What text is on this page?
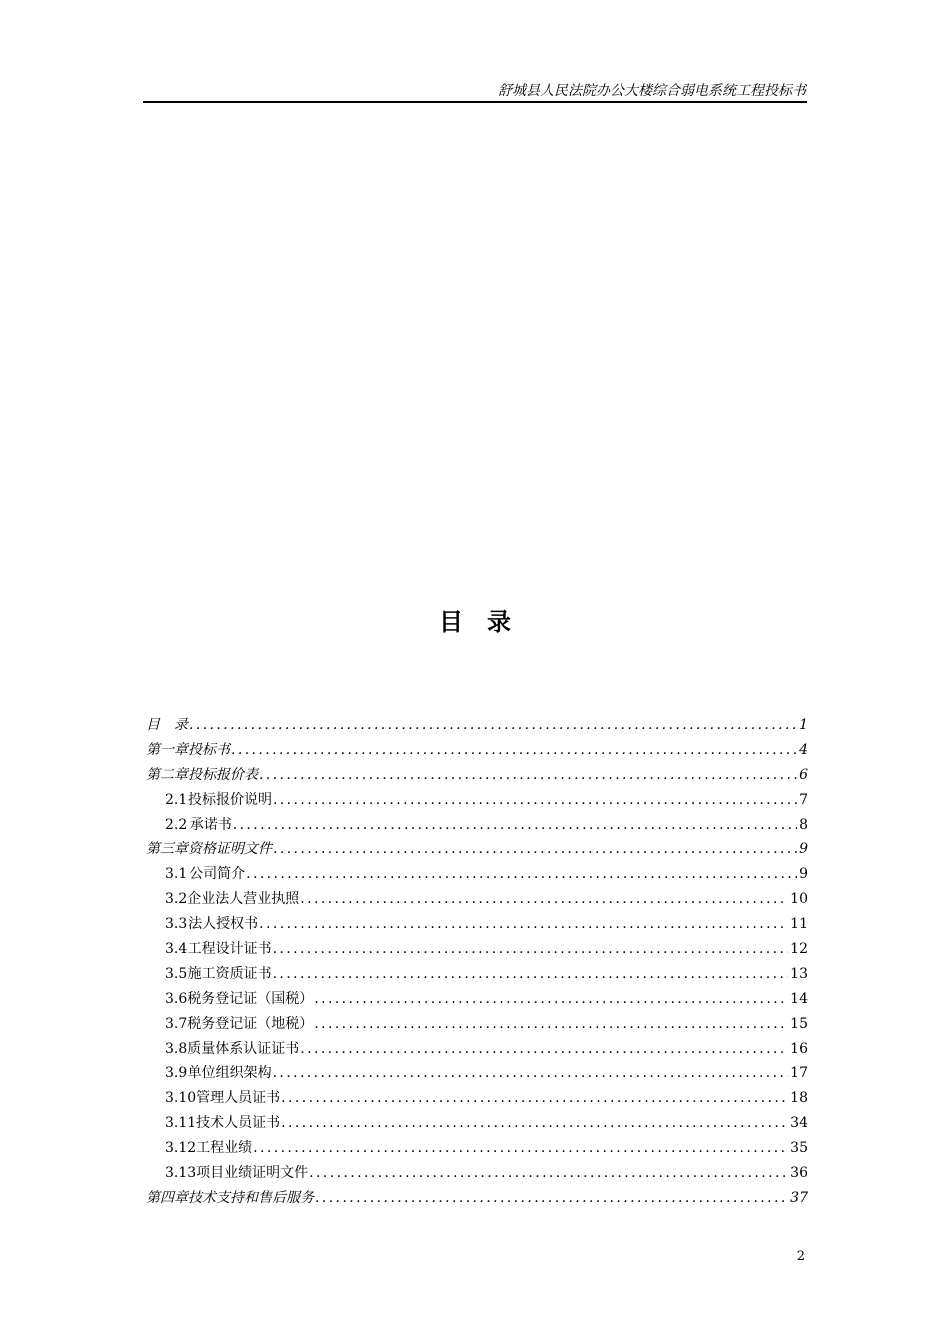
舒城县人民法院办公大楼综合弱电系统工程投标书
目录
目　录 .....	1
第一章 投标书 .....	4
第二章 投标报价表 .....	6
2.1 投标报价说明 .....	7
2.2 承诺书 .....	8
第三章 资格证明文件 .....	9
3.1 公司简介 .....	9
3.2 企业法人营业执照 .....	10
3.3 法人授权书 .....	11
3.4 工程设计证书 .....	12
3.5 施工资质证书 .....	13
3.6 税务登记证（国税） .....	14
3.7 税务登记证（地税） .....	15
3.8 质量体系认证证书 .....	16
3.9 单位组织架构 .....	17
3.10 管理人员证书 .....	18
3.11 技术人员证书 .....	34
3.12 工程业绩 .....	35
3.13 项目业绩证明文件 .....	36
第四章 技术支持和售后服务 .....	37
2
